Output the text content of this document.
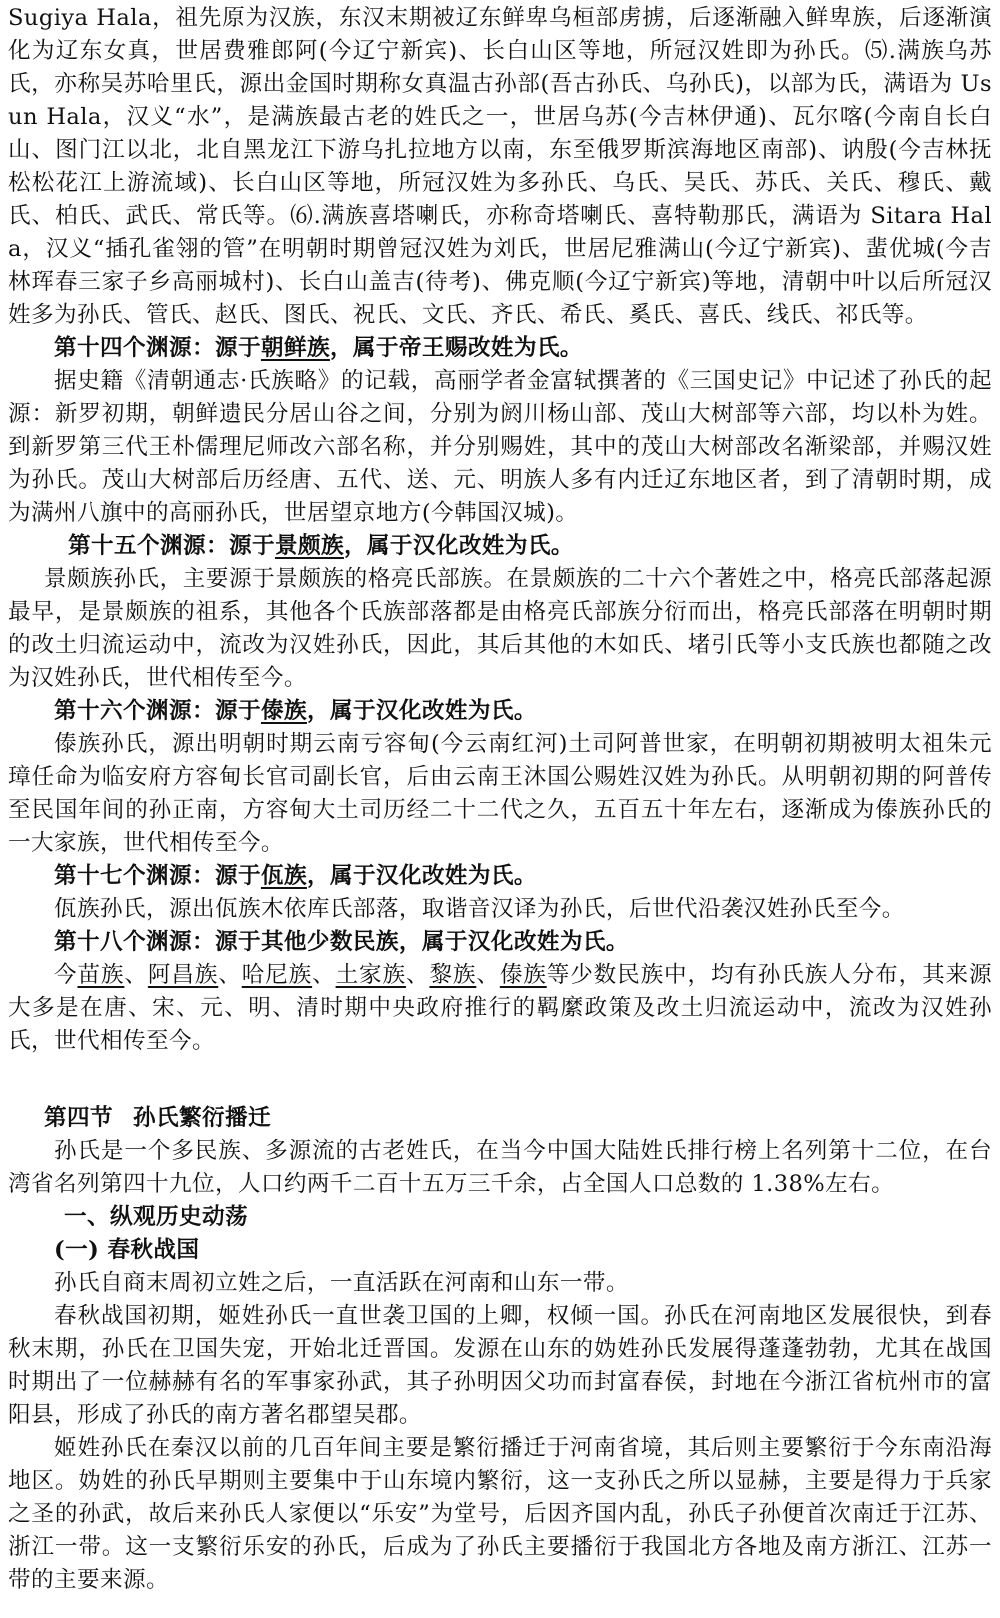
Sugiya Hala，祖先原为汉族，东汉末期被辽东鲜卑乌桓部虏掳，后逐渐融入鲜卑族，后逐渐演化为辽东女真，世居费雅郎阿(今辽宁新宾)、长白山区等地，所冠汉姓即为孙氏。⑸.满族乌苏氏，亦称吴苏哈里氏，源出金国时期称女真温古孙部(吾古孙氏、乌孙氏)，以部为氏，满语为 Usun Hala，汉义“水”，是满族最古老的姓氏之一，世居乌苏(今吉林伊通)、瓦尔喀(今南自长白山、图门江以北，北自黑龙江下游乌扎拉地方以南，东至俄罗斯滨海地区南部)、讷殷(今吉林抚松松花江上游流域)、长白山区等地，所冠汉姓为多孙氏、乌氏、吴氏、苏氏、关氏、穆氏、戴氏、柏氏、武氏、常氏等。⑹.满族喜塔喇氏，亦称奇塔喇氏、喜特勒那氏，满语为 Sitara Hala，汉义“插孔雀翎的管”在明朝时期曾冠汉姓为刘氏，世居尼雅满山(今辽宁新宾)、蜚优城(今吉林珲春三家子乡高丽城村)、长白山盖吉(待考)、佛克顺(今辽宁新宾)等地，清朝中叶以后所冠汉姓多为孙氏、管氏、赵氏、图氏、祝氏、文氏、齐氏、希氏、奚氏、喜氏、线氏、祁氏等。

第十四个渊源：源于朝鲜族，属于帝王赐改姓为氏。

据史籍《清朝通志·氏族略》的记载，高丽学者金富轼撰著的《三国史记》中记述了孙氏的起源：新罗初期，朝鲜遗民分居山谷之间，分别为阏川杨山部、茂山大树部等六部，均以朴为姓。到新罗第三代王朴儒理尼师改六部名称，并分别赐姓，其中的茂山大树部改名渐梁部，并赐汉姓为孙氏。茂山大树部后历经唐、五代、送、元、明族人多有内迁辽东地区者，到了清朝时期，成为满州八旗中的高丽孙氏，世居望京地方(今韩国汉城)。

第十五个渊源：源于景颇族，属于汉化改姓为氏。

景颇族孙氏，主要源于景颇族的格亮氏部族。在景颇族的二十六个著姓之中，格亮氏部落起源最早，是景颇族的祖系，其他各个氏族部落都是由格亮氏部族分衍而出，格亮氏部落在明朝时期的改土归流运动中，流改为汉姓孙氏，因此，其后其他的木如氏、堵引氏等小支氏族也都随之改为汉姓孙氏，世代相传至今。

第十六个渊源：源于傣族，属于汉化改姓为氏。

傣族孙氏，源出明朝时期云南亏容甸(今云南红河)土司阿普世家，在明朝初期被明太祖朱元璋任命为临安府方容甸长官司副长官，后由云南王沐国公赐姓汉姓为孙氏。从明朝初期的阿普传至民国年间的孙正南，方容甸大土司历经二十二代之久，五百五十年左右，逐渐成为傣族孙氏的一大家族，世代相传至今。

第十七个渊源：源于佤族，属于汉化改姓为氏。

佤族孙氏，源出佤族木依库氏部落，取谐音汉译为孙氏，后世代沿袭汉姓孙氏至今。

第十八个渊源：源于其他少数民族，属于汉化改姓为氏。

今苗族、阿昌族、哈尼族、土家族、黎族、傣族等少数民族中，均有孙氏族人分布，其来源大多是在唐、宋、元、明、清时期中央政府推行的羁縻政策及改土归流运动中，流改为汉姓孙氏，世代相传至今。

第四节 孙氏繁衍播迁

孙氏是一个多民族、多源流的古老姓氏，在当今中国大陆姓氏排行榜上名列第十二位，在台湾省名列第四十九位，人口约两千二百十五万三千余，占全国人口总数的 1.38%左右。

一、纵观历史动荡

(一) 春秋战国

孙氏自商末周初立姓之后，一直活跃在河南和山东一带。

春秋战国初期，姬姓孙氏一直世袭卫国的上卿，权倾一国。孙氏在河南地区发展很快，到春秋末期，孙氏在卫国失宠，开始北迁晋国。发源在山东的妫姓孙氏发展得蓬蓬勃勃，尤其在战国时期出了一位赫赫有名的军事家孙武，其子孙明因父功而封富春侯，封地在今浙江省杭州市的富阳县，形成了孙氏的南方著名郡望吴郡。

姬姓孙氏在秦汉以前的几百年间主要是繁衍播迁于河南省境，其后则主要繁衍于今东南沿海地区。妫姓的孙氏早期则主要集中于山东境内繁衍，这一支孙氏之所以显赫，主要是得力于兵家之圣的孙武，故后来孙氏人家便以“乐安”为堂号，后因齐国内乱，孙氏子孙便首次南迁于江苏、浙江一带。这一支繁衍乐安的孙氏，后成为了孙氏主要播衍于我国北方各地及南方浙江、江苏一带的主要来源。
